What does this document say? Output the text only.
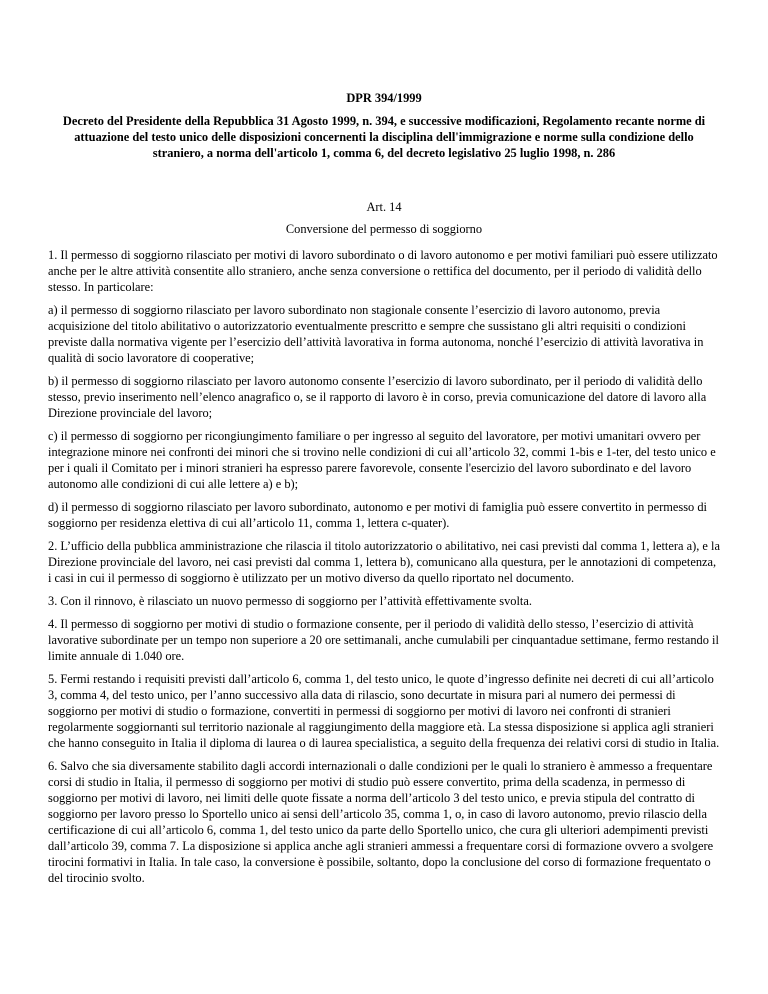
DPR 394/1999

Decreto del Presidente della Repubblica 31 Agosto 1999, n. 394, e successive modificazioni, Regolamento recante norme di attuazione del testo unico delle disposizioni concernenti la disciplina dell'immigrazione e norme sulla condizione dello straniero, a norma dell'articolo 1, comma 6, del decreto legislativo 25 luglio 1998, n. 286

Art. 14

Conversione del permesso di soggiorno

1. Il permesso di soggiorno rilasciato per motivi di lavoro subordinato o di lavoro autonomo e per motivi familiari può essere utilizzato anche per le altre attività consentite allo straniero, anche senza conversione o rettifica del documento, per il periodo di validità dello stesso. In particolare:

a) il permesso di soggiorno rilasciato per lavoro subordinato non stagionale consente l’esercizio di lavoro autonomo, previa acquisizione del titolo abilitativo o autorizzatorio eventualmente prescritto e sempre che sussistano gli altri requisiti o condizioni previste dalla normativa vigente per l’esercizio dell’attività lavorativa in forma autonoma, nonché l’esercizio di attività lavorativa in qualità di socio lavoratore di cooperative;

b) il permesso di soggiorno rilasciato per lavoro autonomo consente l’esercizio di lavoro subordinato, per il periodo di validità dello stesso, previo inserimento nell’elenco anagrafico o, se il rapporto di lavoro è in corso, previa comunicazione del datore di lavoro alla Direzione provinciale del lavoro;

c) il permesso di soggiorno per ricongiungimento familiare o per ingresso al seguito del lavoratore, per motivi umanitari ovvero per integrazione minore nei confronti dei minori che si trovino nelle condizioni di cui all’articolo 32, commi 1-bis e 1-ter, del testo unico e per i quali il Comitato per i minori stranieri ha espresso parere favorevole, consente l'esercizio del lavoro subordinato e del lavoro autonomo alle condizioni di cui alle lettere a) e b);

d) il permesso di soggiorno rilasciato per lavoro subordinato, autonomo e per motivi di famiglia può essere convertito in permesso di soggiorno per residenza elettiva di cui all’articolo 11, comma 1, lettera c-quater).

2. L’ufficio della pubblica amministrazione che rilascia il titolo autorizzatorio o abilitativo, nei casi previsti dal comma 1, lettera a), e la Direzione provinciale del lavoro, nei casi previsti dal comma 1, lettera b), comunicano alla questura, per le annotazioni di competenza, i casi in cui il permesso di soggiorno è utilizzato per un motivo diverso da quello riportato nel documento.

3. Con il rinnovo, è rilasciato un nuovo permesso di soggiorno per l’attività effettivamente svolta.

4. Il permesso di soggiorno per motivi di studio o formazione consente, per il periodo di validità dello stesso, l’esercizio di attività lavorative subordinate per un tempo non superiore a 20 ore settimanali, anche cumulabili per cinquantadue settimane, fermo restando il limite annuale di 1.040 ore.

5. Fermi restando i requisiti previsti dall’articolo 6, comma 1, del testo unico, le quote d’ingresso definite nei decreti di cui all’articolo 3, comma 4, del testo unico, per l’anno successivo alla data di rilascio, sono decurtate in misura pari al numero dei permessi di soggiorno per motivi di studio o formazione, convertiti in permessi di soggiorno per motivi di lavoro nei confronti di stranieri regolarmente soggiornanti sul territorio nazionale al raggiungimento della maggiore età. La stessa disposizione si applica agli stranieri che hanno conseguito in Italia il diploma di laurea o di laurea specialistica, a seguito della frequenza dei relativi corsi di studio in Italia.

6. Salvo che sia diversamente stabilito dagli accordi internazionali o dalle condizioni per le quali lo straniero è ammesso a frequentare corsi di studio in Italia, il permesso di soggiorno per motivi di studio può essere convertito, prima della scadenza, in permesso di soggiorno per motivi di lavoro, nei limiti delle quote fissate a norma dell’articolo 3 del testo unico, e previa stipula del contratto di soggiorno per lavoro presso lo Sportello unico ai sensi dell’articolo 35, comma 1, o, in caso di lavoro autonomo, previo rilascio della certificazione di cui all’articolo 6, comma 1, del testo unico da parte dello Sportello unico, che cura gli ulteriori adempimenti previsti dall’articolo 39, comma 7. La disposizione si applica anche agli stranieri ammessi a frequentare corsi di formazione ovvero a svolgere tirocini formativi in Italia. In tale caso, la conversione è possibile, soltanto, dopo la conclusione del corso di formazione frequentato o del tirocinio svolto.
